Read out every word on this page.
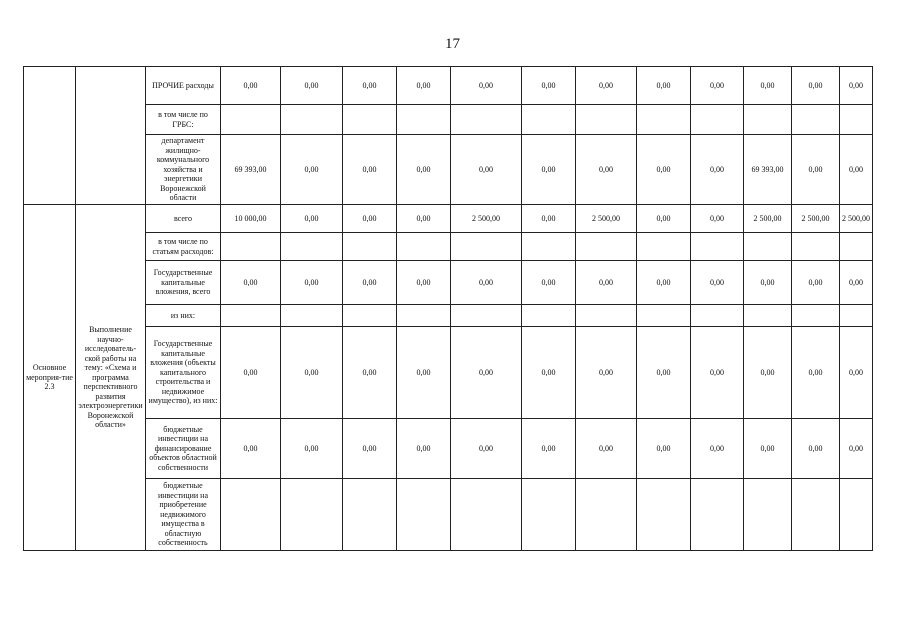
17
		ПРОЧИЕ расходы	0,00	0,00	0,00	0,00	0,00	0,00	0,00	0,00	0,00	0,00	0,00	0,00
		в том числе по ГРБС:												
		департамент жилищно-коммунального хозяйства и энергетики Воронежской области	69 393,00	0,00	0,00	0,00	0,00	0,00	0,00	0,00	0,00	69 393,00	0,00	0,00
Основное мероприя-тие 2.3	Выполнение научно-исследователь-ской работы на тему: «Схема и программа перспективного развития электроэнергетики Воронежской области»	всего	10 000,00	0,00	0,00	0,00	2 500,00	0,00	2 500,00	0,00	0,00	2 500,00	2 500,00	2 500,00
		в том числе по статьям расходов:												
		Государственные капитальные вложения, всего	0,00	0,00	0,00	0,00	0,00	0,00	0,00	0,00	0,00	0,00	0,00	0,00
		из них:												
		Государственные капитальные вложения (объекты капитального строительства и недвижимое имущество), из них:	0,00	0,00	0,00	0,00	0,00	0,00	0,00	0,00	0,00	0,00	0,00	0,00
		бюджетные инвестиции на финансирование объектов областной собственности	0,00	0,00	0,00	0,00	0,00	0,00	0,00	0,00	0,00	0,00	0,00	0,00
		бюджетные инвестиции на приобретение недвижимого имущества в областную собственность												
